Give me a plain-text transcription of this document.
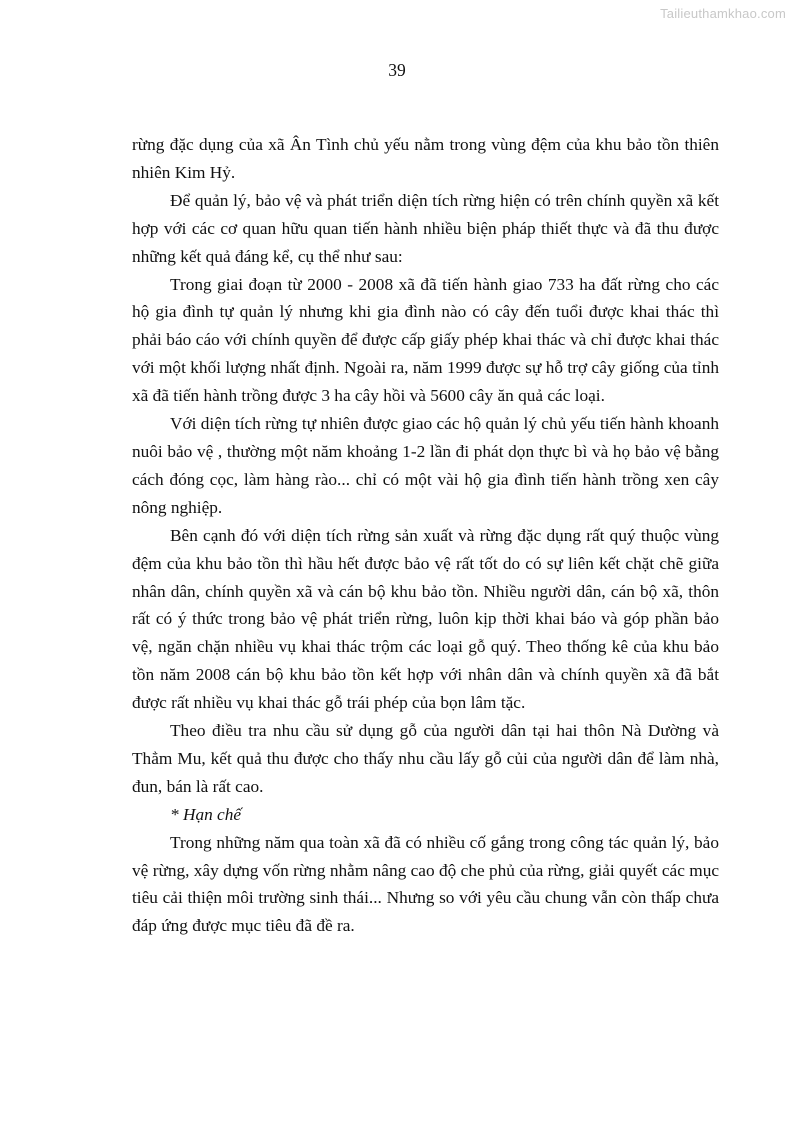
Tailieuthamkhao.com
39

rừng đặc dụng của xã Ân Tình chủ yếu nằm trong vùng đệm của khu bảo tồn thiên nhiên Kim Hỷ.

Để quản lý, bảo vệ và phát triển diện tích rừng hiện có trên chính quyền xã kết hợp với các cơ quan hữu quan tiến hành nhiều biện pháp thiết thực và đã thu được những kết quả đáng kể, cụ thể như sau:

Trong giai đoạn từ 2000 - 2008 xã đã tiến hành giao 733 ha đất rừng cho các hộ gia đình tự quản lý nhưng khi gia đình nào có cây đến tuổi được khai thác thì phải báo cáo với chính quyền để được cấp giấy phép khai thác và chỉ được khai thác với một khối lượng nhất định. Ngoài ra, năm 1999 được sự hỗ trợ cây giống của tỉnh xã đã tiến hành trồng được 3 ha cây hồi và 5600 cây ăn quả các loại.

Với diện tích rừng tự nhiên được giao các hộ quản lý chủ yếu tiến hành khoanh nuôi bảo vệ , thường một năm khoảng 1-2 lần đi phát dọn thực bì và họ bảo vệ bằng cách đóng cọc, làm hàng rào... chỉ có một vài hộ gia đình tiến hành trồng xen cây nông nghiệp.

Bên cạnh đó với diện tích rừng sản xuất và rừng đặc dụng rất quý thuộc vùng đệm của khu bảo tồn thì hầu hết được bảo vệ rất tốt do có sự liên kết chặt chẽ giữa nhân dân, chính quyền xã và cán bộ khu bảo tồn. Nhiều người dân, cán bộ xã, thôn rất có ý thức trong bảo vệ phát triển rừng, luôn kịp thời khai báo và góp phần bảo vệ, ngăn chặn nhiều vụ khai thác trộm các loại gỗ quý. Theo thống kê của khu bảo tồn năm 2008 cán bộ khu bảo tồn kết hợp với nhân dân và chính quyền xã đã bắt được rất nhiều vụ khai thác gỗ trái phép của bọn lâm tặc.

Theo điều tra nhu cầu sử dụng gỗ của người dân tại hai thôn Nà Dường và Thẳm Mu, kết quả thu được cho thấy nhu cầu lấy gỗ củi của người dân để làm nhà, đun, bán là rất cao.

* Hạn chế

Trong những năm qua toàn xã đã có nhiều cố gắng trong công tác quản lý, bảo vệ rừng, xây dựng vốn rừng nhằm nâng cao độ che phủ của rừng, giải quyết các mục tiêu cải thiện môi trường sinh thái... Nhưng so với yêu cầu chung vẫn còn thấp chưa đáp ứng được mục tiêu đã đề ra.
